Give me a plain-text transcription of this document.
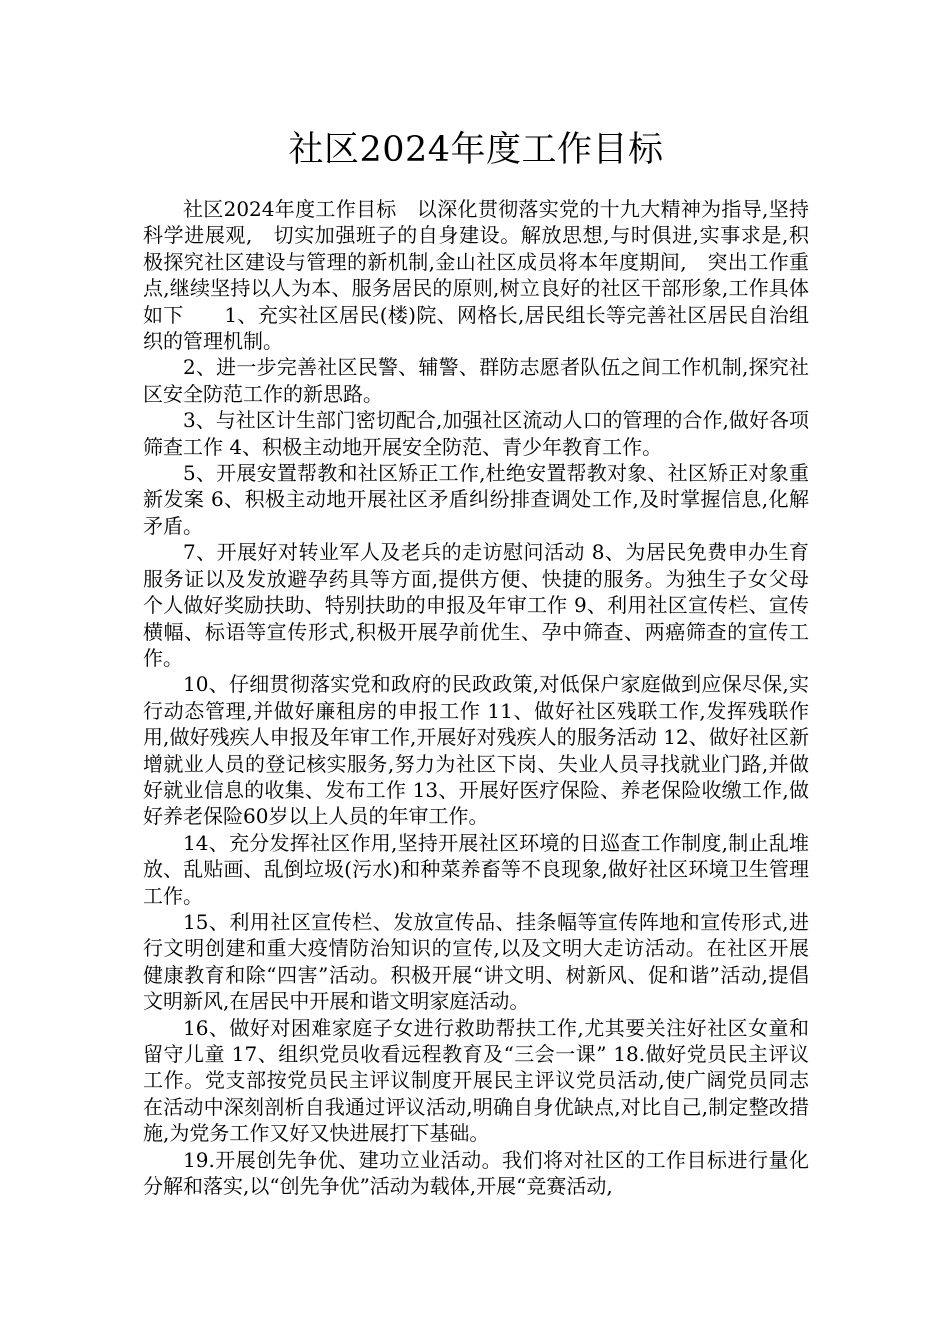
社区2024年度工作目标

社区2024年度工作目标　以深化贯彻落实党的十九大精神为指导,坚持科学进展观,　切实加强班子的自身建设。解放思想,与时俱进,实事求是,积　极探究社区建设与管理的新机制,金山社区成员将本年度期间,　突出工作重点,继续坚持以人为本、服务居民的原则,树立良好的社区干部形象,工作具体如下　　1、充实社区居民(楼)院、网格长,居民组长等完善社区居民自治组织的管理机制。

2、进一步完善社区民警、辅警、群防志愿者队伍之间工作机制,探究社区安全防范工作的新思路。

3、与社区计生部门密切配合,加强社区流动人口的管理的合作,做好各项筛查工作 4、积极主动地开展安全防范、青少年教育工作。

5、开展安置帮教和社区矫正工作,杜绝安置帮教对象、社区矫正对象重新发案 6、积极主动地开展社区矛盾纠纷排查调处工作,及时掌握信息,化解矛盾。

7、开展好对转业军人及老兵的走访慰问活动 8、为居民免费申办生育服务证以及发放避孕药具等方面,提供方便、快捷的服务。为独生子女父母个人做好奖励扶助、特别扶助的申报及年审工作 9、利用社区宣传栏、宣传横幅、标语等宣传形式,积极开展孕前优生、孕中筛查、两癌筛查的宣传工作。

10、仔细贯彻落实党和政府的民政政策,对低保户家庭做到应保尽保,实行动态管理,并做好廉租房的申报工作 11、做好社区残联工作,发挥残联作用,做好残疾人申报及年审工作,开展好对残疾人的服务活动 12、做好社区新增就业人员的登记核实服务,努力为社区下岗、失业人员寻找就业门路,并做好就业信息的收集、发布工作 13、开展好医疗保险、养老保险收缴工作,做好养老保险60岁以上人员的年审工作。

14、充分发挥社区作用,坚持开展社区环境的日巡查工作制度,制止乱堆放、乱贴画、乱倒垃圾(污水)和种菜养畜等不良现象,做好社区环境卫生管理工作。

15、利用社区宣传栏、发放宣传品、挂条幅等宣传阵地和宣传形式,进行文明创建和重大疫情防治知识的宣传,以及文明大走访活动。在社区开展健康教育和除“四害”活动。积极开展“讲文明、树新风、促和谐”活动,提倡文明新风,在居民中开展和谐文明家庭活动。

16、做好对困难家庭子女进行救助帮扶工作,尤其要关注好社区女童和留守儿童 17、组织党员收看远程教育及“三会一课” 18.做好党员民主评议工作。党支部按党员民主评议制度开展民主评议党员活动,使广阔党员同志在活动中深刻剖析自我通过评议活动,明确自身优缺点,对比自己,制定整改措施,为党务工作又好又快进展打下基础。

19.开展创先争优、建功立业活动。我们将对社区的工作目标进行量化分解和落实,以“创先争优”活动为载体,开展“竞赛活动,
